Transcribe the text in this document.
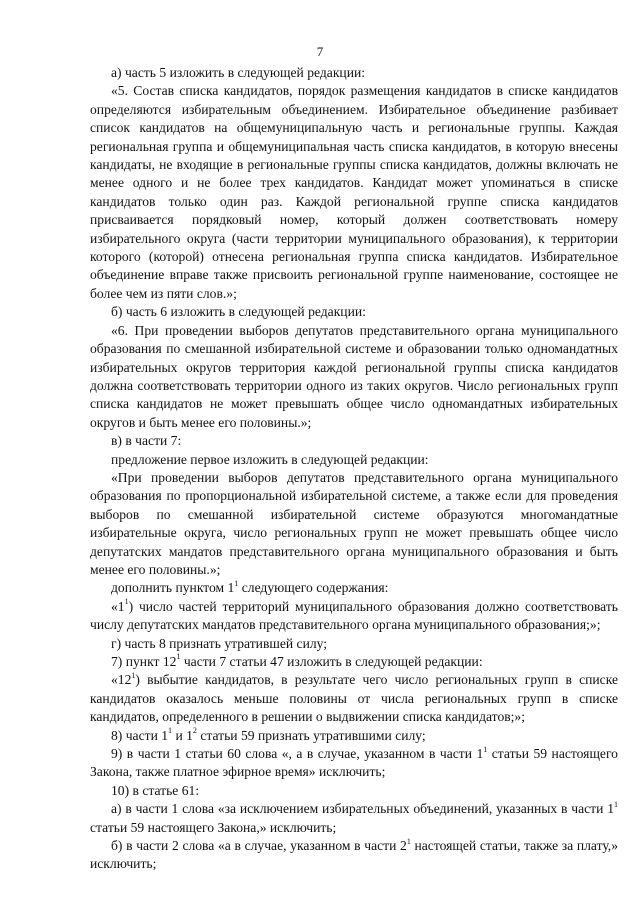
7

а) часть 5 изложить в следующей редакции:

«5. Состав списка кандидатов, порядок размещения кандидатов в списке кандидатов определяются избирательным объединением. Избирательное объединение разбивает список кандидатов на общемуниципальную часть и региональные группы. Каждая региональная группа и общемуниципальная часть списка кандидатов, в которую внесены кандидаты, не входящие в региональные группы списка кандидатов, должны включать не менее одного и не более трех кандидатов. Кандидат может упоминаться в списке кандидатов только один раз. Каждой региональной группе списка кандидатов присваивается порядковый номер, который должен соответствовать номеру избирательного округа (части территории муниципального образования), к территории которого (которой) отнесена региональная группа списка кандидатов. Избирательное объединение вправе также присвоить региональной группе наименование, состоящее не более чем из пяти слов.»;

б) часть 6 изложить в следующей редакции:

«6. При проведении выборов депутатов представительного органа муниципального образования по смешанной избирательной системе и образовании только одномандатных избирательных округов территория каждой региональной группы списка кандидатов должна соответствовать территории одного из таких округов. Число региональных групп списка кандидатов не может превышать общее число одномандатных избирательных округов и быть менее его половины.»;

в) в части 7:

предложение первое изложить в следующей редакции:

«При проведении выборов депутатов представительного органа муниципального образования по пропорциональной избирательной системе, а также если для проведения выборов по смешанной избирательной системе образуются многомандатные избирательные округа, число региональных групп не может превышать общее число депутатских мандатов представительного органа муниципального образования и быть менее его половины.»;

дополнить пунктом $1^1$ следующего содержания:

«$1^1$) число частей территорий муниципального образования должно соответствовать числу депутатских мандатов представительного органа муниципального образования;»;

г) часть 8 признать утратившей силу;

7) пункт $12^1$ части 7 статьи 47 изложить в следующей редакции:

«$12^1$) выбытие кандидатов, в результате чего число региональных групп в списке кандидатов оказалось меньше половины от числа региональных групп в списке кандидатов, определенного в решении о выдвижении списка кандидатов;»;

8) части $1^1$ и $1^2$ статьи 59 признать утратившими силу;

9) в части 1 статьи 60 слова «, а в случае, указанном в части $1^1$ статьи 59 настоящего Закона, также платное эфирное время» исключить;

10) в статье 61:

а) в части 1 слова «за исключением избирательных объединений, указанных в части $1^1$ статьи 59 настоящего Закона,» исключить;

б) в части 2 слова «а в случае, указанном в части $2^1$ настоящей статьи, также за плату,» исключить;
